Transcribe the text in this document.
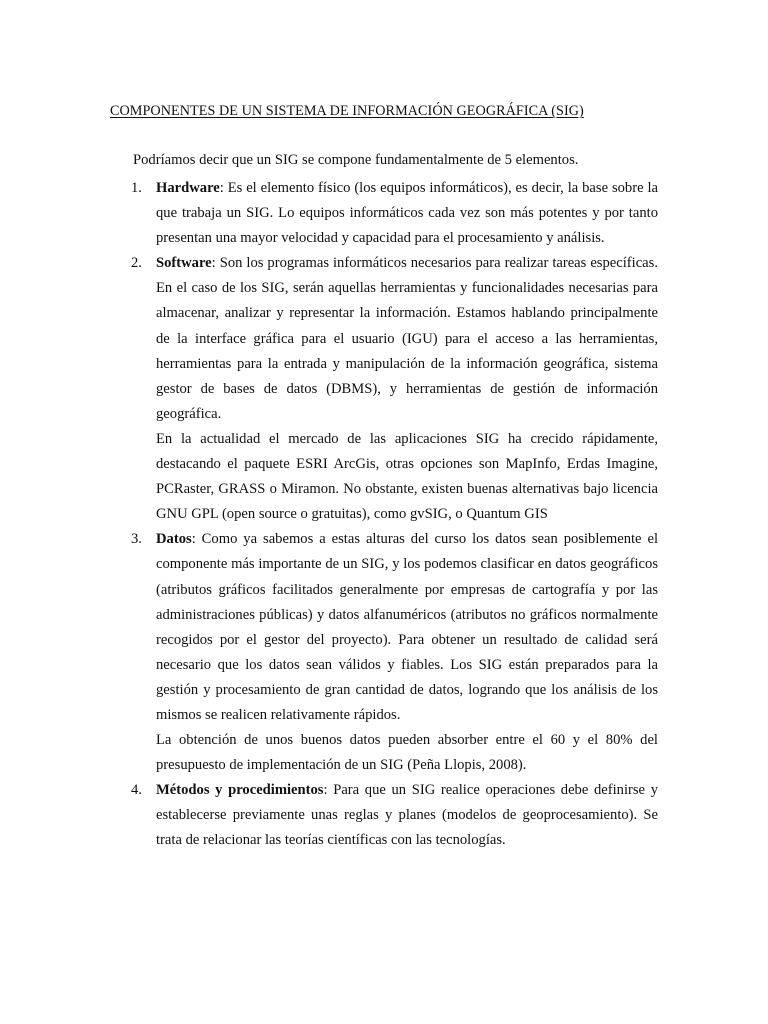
COMPONENTES DE UN SISTEMA DE INFORMACIÓN GEOGRÁFICA (SIG)
Podríamos decir que un SIG se compone fundamentalmente de 5 elementos.
1. Hardware: Es el elemento físico (los equipos informáticos), es decir, la base sobre la que trabaja un SIG. Lo equipos informáticos cada vez son más potentes y por tanto presentan una mayor velocidad y capacidad para el procesamiento y análisis.

2. Software: Son los programas informáticos necesarios para realizar tareas específicas. En el caso de los SIG, serán aquellas herramientas y funcionalidades necesarias para almacenar, analizar y representar la información. Estamos hablando principalmente de la interface gráfica para el usuario (IGU) para el acceso a las herramientas, herramientas para la entrada y manipulación de la información geográfica, sistema gestor de bases de datos (DBMS), y herramientas de gestión de información geográfica.

En la actualidad el mercado de las aplicaciones SIG ha crecido rápidamente, destacando el paquete ESRI ArcGis, otras opciones son MapInfo, Erdas Imagine, PCRaster, GRASS o Miramon. No obstante, existen buenas alternativas bajo licencia GNU GPL (open source o gratuitas), como gvSIG, o Quantum GIS

3. Datos: Como ya sabemos a estas alturas del curso los datos sean posiblemente el componente más importante de un SIG, y los podemos clasificar en datos geográficos (atributos gráficos facilitados generalmente por empresas de cartografía y por las administraciones públicas) y datos alfanuméricos (atributos no gráficos normalmente recogidos por el gestor del proyecto). Para obtener un resultado de calidad será necesario que los datos sean válidos y fiables. Los SIG están preparados para la gestión y procesamiento de gran cantidad de datos, logrando que los análisis de los mismos se realicen relativamente rápidos.

La obtención de unos buenos datos pueden absorber entre el 60 y el 80% del presupuesto de implementación de un SIG (Peña Llopis, 2008).

4. Métodos y procedimientos: Para que un SIG realice operaciones debe definirse y establecerse previamente unas reglas y planes (modelos de geoprocesamiento). Se trata de relacionar las teorías científicas con las tecnologías.
